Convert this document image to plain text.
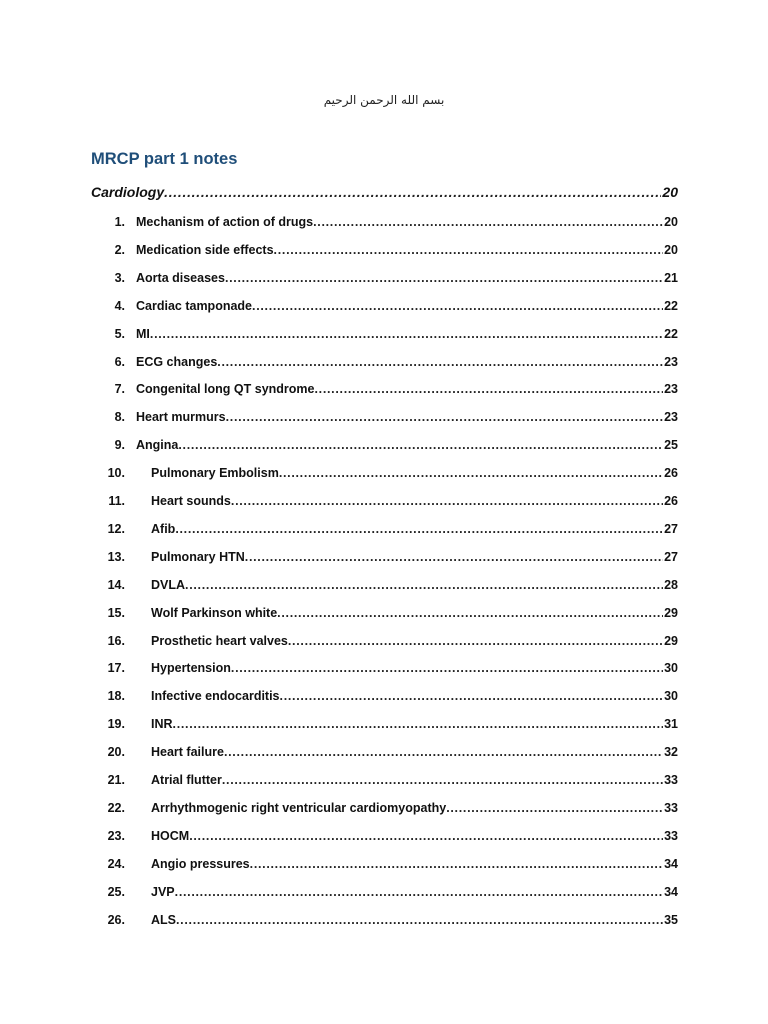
بسم الله الرحمن الرحيم
MRCP part 1 notes
Cardiology .....	20
1. Mechanism of action of drugs .....	20
2. Medication side effects .....	20
3. Aorta diseases .....	21
4. Cardiac tamponade .....	22
5. MI .....	22
6. ECG changes .....	23
7. Congenital long QT syndrome .....	23
8. Heart murmurs .....	23
9. Angina .....	25
10. Pulmonary Embolism .....	26
11. Heart sounds .....	26
12. Afib .....	27
13. Pulmonary HTN .....	27
14. DVLA .....	28
15. Wolf Parkinson white .....	29
16. Prosthetic heart valves .....	29
17. Hypertension .....	30
18. Infective endocarditis .....	30
19. INR .....	31
20. Heart failure .....	32
21. Atrial flutter .....	33
22. Arrhythmogenic right ventricular cardiomyopathy .....	33
23. HOCM .....	33
24. Angio pressures .....	34
25. JVP .....	34
26. ALS .....	35
